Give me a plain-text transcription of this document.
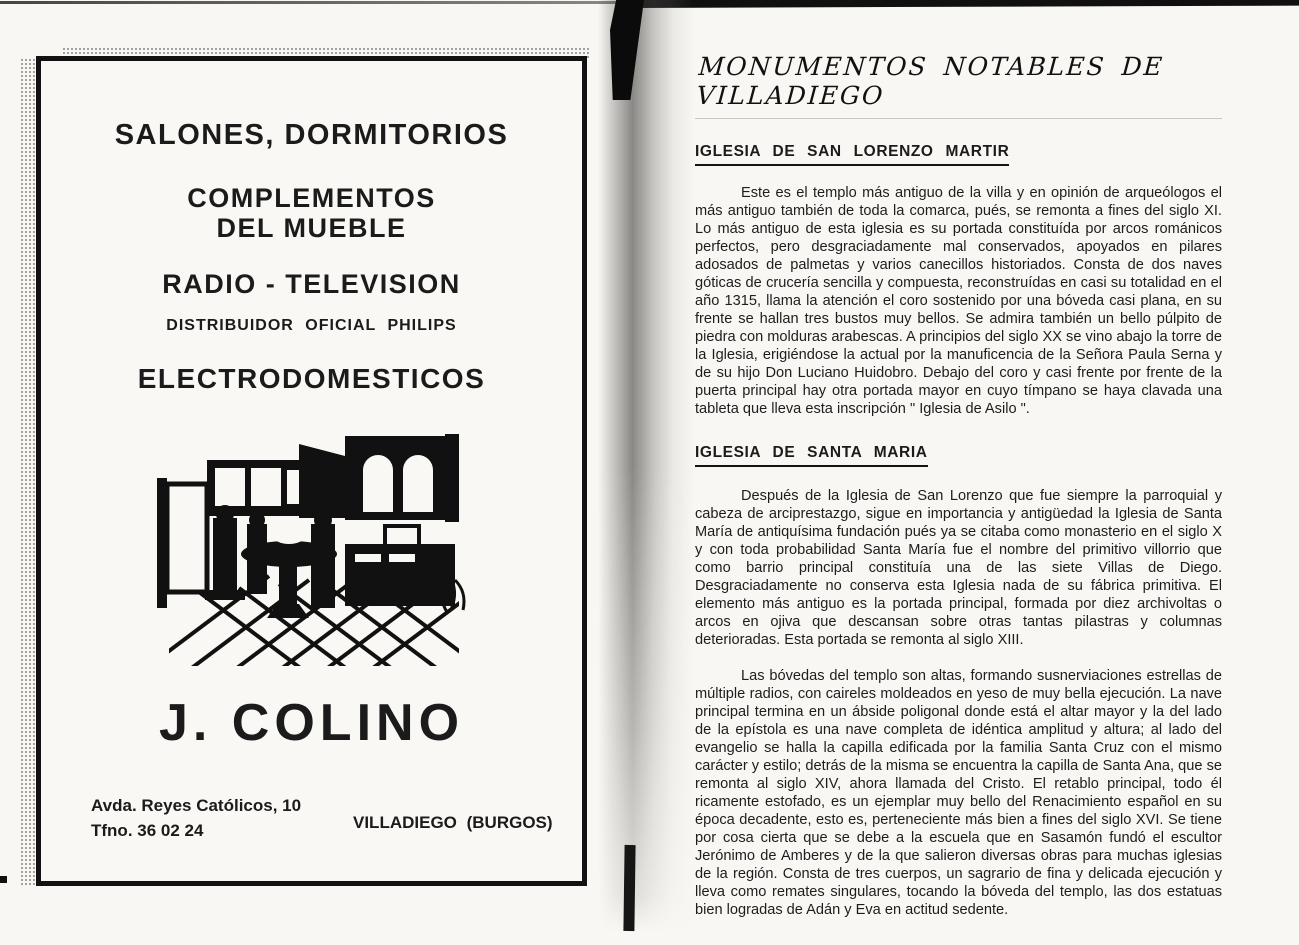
SALONES, DORMITORIOS
COMPLEMENTOS
DEL MUEBLE
RADIO - TELEVISION
DISTRIBUIDOR OFICIAL PHILIPS
ELECTRODOMESTICOS
J. COLINO
Avda. Reyes Católicos, 10
Tfno. 36 02 24	VILLADIEGO (BURGOS)
MONUMENTOS NOTABLES DE VILLADIEGO
IGLESIA DE SAN LORENZO MARTIR

Este es el templo más antiguo de la villa y en opinión de arqueólogos el más antiguo también de toda la comarca, pués, se remonta a fines del siglo XI. Lo más antiguo de esta iglesia es su portada constituída por arcos románicos perfectos, pero desgraciadamente mal conservados, apoyados en pilares adosados de palmetas y varios canecillos historiados. Consta de dos naves góticas de crucería sencilla y compuesta, reconstruídas en casi su totalidad en el año 1315, llama la atención el coro sostenido por una bóveda casi plana, en su frente se hallan tres bustos muy bellos. Se admira también un bello púlpito de piedra con molduras arabescas. A principios del siglo XX se vino abajo la torre de la Iglesia, erigiéndose la actual por la manuficencia de la Señora Paula Serna y de su hijo Don Luciano Huidobro. Debajo del coro y casi frente por frente de la puerta principal hay otra portada mayor en cuyo tímpano se haya clavada una tableta que lleva esta inscripción " Iglesia de Asilo ".

IGLESIA DE SANTA MARIA

Después de la Iglesia de San Lorenzo que fue siempre la parroquial y cabeza de arciprestazgo, sigue en importancia y antigüedad la Iglesia de Santa María de antiquísima fundación pués ya se citaba como monasterio en el siglo X y con toda probabilidad Santa María fue el nombre del primitivo villorrio que como barrio principal constituía una de las siete Villas de Diego. Desgraciadamente no conserva esta Iglesia nada de su fábrica primitiva. El elemento más antiguo es la portada principal, formada por diez archivoltas o arcos en ojiva que descansan sobre otras tantas pilastras y columnas deterioradas. Esta portada se remonta al siglo XIII.

Las bóvedas del templo son altas, formando susnerviaciones estrellas de múltiple radios, con caireles moldeados en yeso de muy bella ejecución. La nave principal termina en un ábside poligonal donde está el altar mayor y la del lado de la epístola es una nave completa de idéntica amplitud y altura; al lado del evangelio se halla la capilla edificada por la familia Santa Cruz con el mismo carácter y estilo; detrás de la misma se encuentra la capilla de Santa Ana, que se remonta al siglo XIV, ahora llamada del Cristo. El retablo principal, todo él ricamente estofado, es un ejemplar muy bello del Renacimiento español en su época decadente, esto es, perteneciente más bien a fines del siglo XVI. Se tiene por cosa cierta que se debe a la escuela que en Sasamón fundó el escultor Jerónimo de Amberes y de la que salieron diversas obras para muchas iglesias de la región. Consta de tres cuerpos, un sagrario de fina y delicada ejecución y lleva como remates singulares, tocando la bóveda del templo, las dos estatuas bien logradas de Adán y Eva en actitud sedente.
